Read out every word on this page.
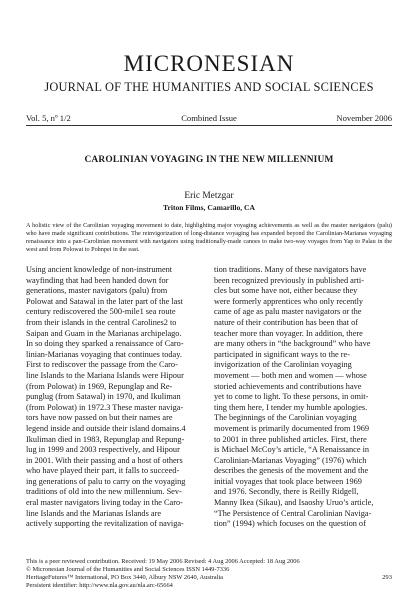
MICRONESIAN
JOURNAL OF THE HUMANITIES AND SOCIAL SCIENCES
Vol. 5, nº 1/2	Combined Issue	November 2006
CAROLINIAN VOYAGING IN THE NEW MILLENNIUM
Eric Metzgar
Triton Films, Camarillo, CA
A holistic view of the Carolinian voyaging movement to date, highlighting major voyaging achievements as well as the master navigators (palu) who have made significant contributions. The reinvigorization of long-distance voyaging has expanded beyond the Carolinian-Marianas voyaging renaissance into a pan-Carolinian movement with navigators using traditionally-made canoes to make two-way voyages from Yap to Palau in the west and from Polowat to Pohnpei in the east.
Using ancient knowledge of non-instrument
wayfinding that had been handed down for
generations, master navigators (palu) from
Polowat and Satawal in the later part of the last
century rediscovered the 500-mile1 sea route
from their islands in the central Carolines2 to
Saipan and Guam in the Marianas archipelago.
In so doing they sparked a renaissance of Caro-
linian-Marianas voyaging that continues today.
First to rediscover the passage from the Caro-
line Islands to the Mariana Islands were Hipour
(from Polowat) in 1969, Repunglap and Re-
punglug (from Satawal) in 1970, and Ikuliman
(from Polowat) in 1972.3 These master naviga-
tors have now passed on but their names are
legend inside and outside their island domains.4
Ikuliman died in 1983, Repunglap and Repung-
lug in 1999 and 2003 respectively, and Hipour
in 2001. With their passing and a host of others
who have played their part, it falls to succeed-
ing generations of palu to carry on the voyaging
traditions of old into the new millennium. Sev-
eral master navigators living today in the Caro-
line Islands and the Marianas Islands are
actively supporting the revitalization of naviga-
tion traditions. Many of these navigators have
been recognized previously in published arti-
cles but some have not, either because they
were formerly apprentices who only recently
came of age as palu master navigators or the
nature of their contribution has been that of
teacher more than voyager. In addition, there
are many others in “the background” who have
participated in significant ways to the re-
invigorization of the Carolinian voyaging
movement — both men and women — whose
storied achievements and contributions have
yet to come to light. To these persons, in omit-
ting them here, I tender my humble apologies.
The beginnings of the Carolinian voyaging
movement is primarily documented from 1969
to 2001 in three published articles. First, there
is Michael McCoy’s article, “A Renaissance in
Carolinian-Marianas Voyaging” (1976) which
describes the genesis of the movement and the
initial voyages that took place between 1969
and 1976. Secondly, there is Reilly Ridgell,
Manny Ikea (Sikau), and Isaoshy Uruo’s article,
“The Persistence of Central Carolinian Naviga-
tion” (1994) which focuses on the question of
This is a peer reviewed contribution. Received: 19 May 2006 Revised: 4 Aug 2006 Accepted: 18 Aug 2006
© Micronesian Journal of the Humanities and Social Sciences ISSN 1449-7336
HeritageFutures™ International, PO Box 3440, Albury NSW 2640, Australia
Persistent identifier: http://www.nla.gov.au/nla.arc-65664
293
